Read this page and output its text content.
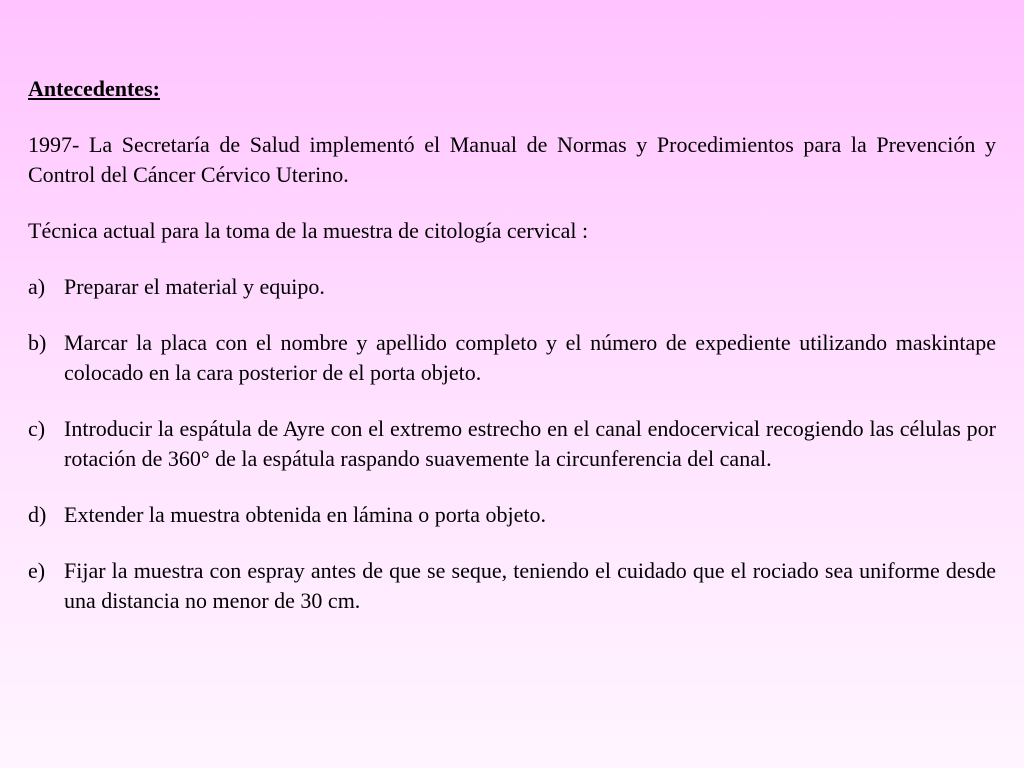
Antecedentes:
1997- La Secretaría de Salud implementó el Manual de Normas y Procedimientos para la Prevención y Control del Cáncer Cérvico Uterino.
Técnica actual para la toma de la muestra de citología cervical :
a) Preparar el material y equipo.
b) Marcar la placa con el nombre y apellido completo y el número de expediente utilizando maskintape colocado en la cara posterior de el porta objeto.
c) Introducir la espátula de Ayre con el extremo estrecho en el canal endocervical recogiendo las células por rotación de 360° de la espátula raspando suavemente la circunferencia del canal.
d) Extender la muestra obtenida en lámina o porta objeto.
e) Fijar la muestra con espray antes de que se seque, teniendo el cuidado que el rociado sea uniforme desde una distancia no menor de 30 cm.
